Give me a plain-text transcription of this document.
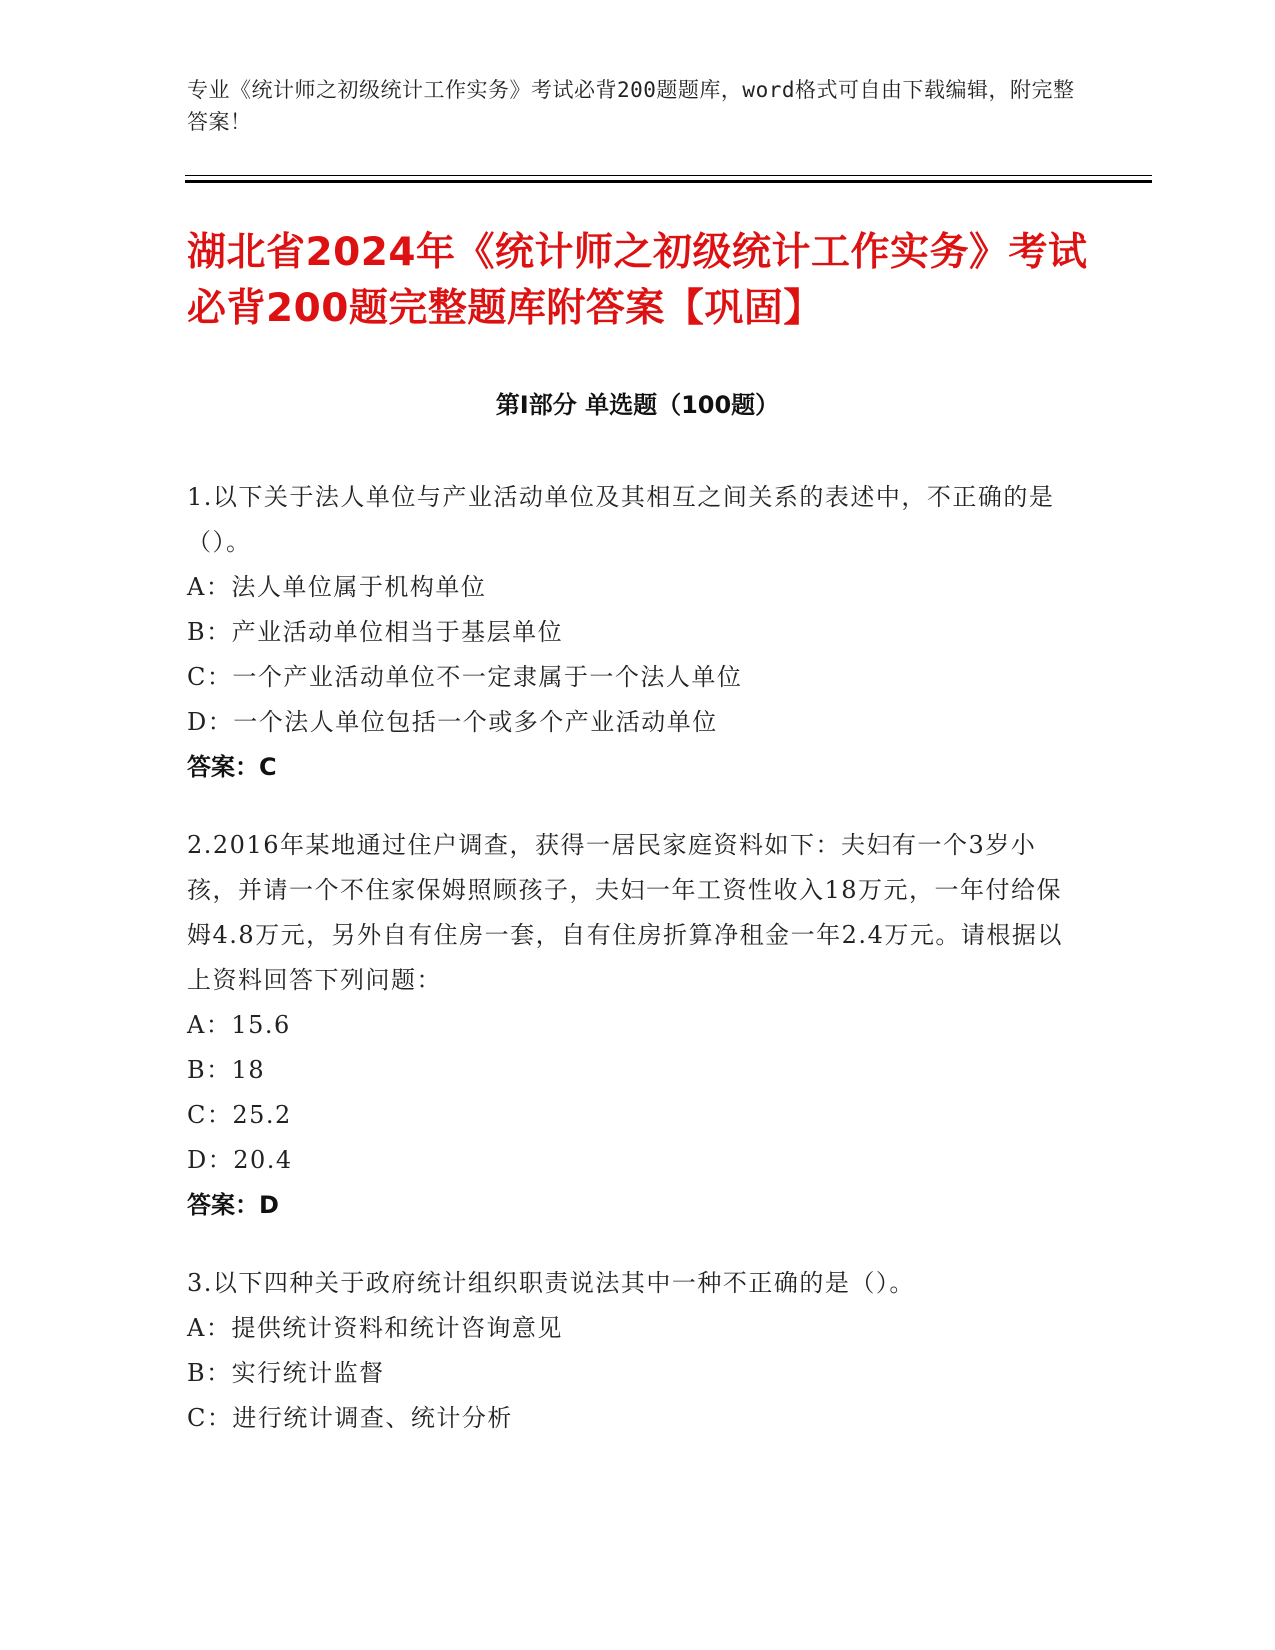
专业《统计师之初级统计工作实务》考试必背200题题库，word格式可自由下载编辑，附完整答案！
湖北省2024年《统计师之初级统计工作实务》考试必背200题完整题库附答案【巩固】
第I部分 单选题（100题）
1.以下关于法人单位与产业活动单位及其相互之间关系的表述中，不正确的是（）。
A：法人单位属于机构单位
B：产业活动单位相当于基层单位
C：一个产业活动单位不一定隶属于一个法人单位
D：一个法人单位包括一个或多个产业活动单位
答案：C
2.2016年某地通过住户调查，获得一居民家庭资料如下：夫妇有一个3岁小孩，并请一个不住家保姆照顾孩子，夫妇一年工资性收入18万元，一年付给保姆4.8万元，另外自有住房一套，自有住房折算净租金一年2.4万元。请根据以上资料回答下列问题：
A：15.6
B：18
C：25.2
D：20.4
答案：D
3.以下四种关于政府统计组织职责说法其中一种不正确的是（）。
A：提供统计资料和统计咨询意见
B：实行统计监督
C：进行统计调查、统计分析
